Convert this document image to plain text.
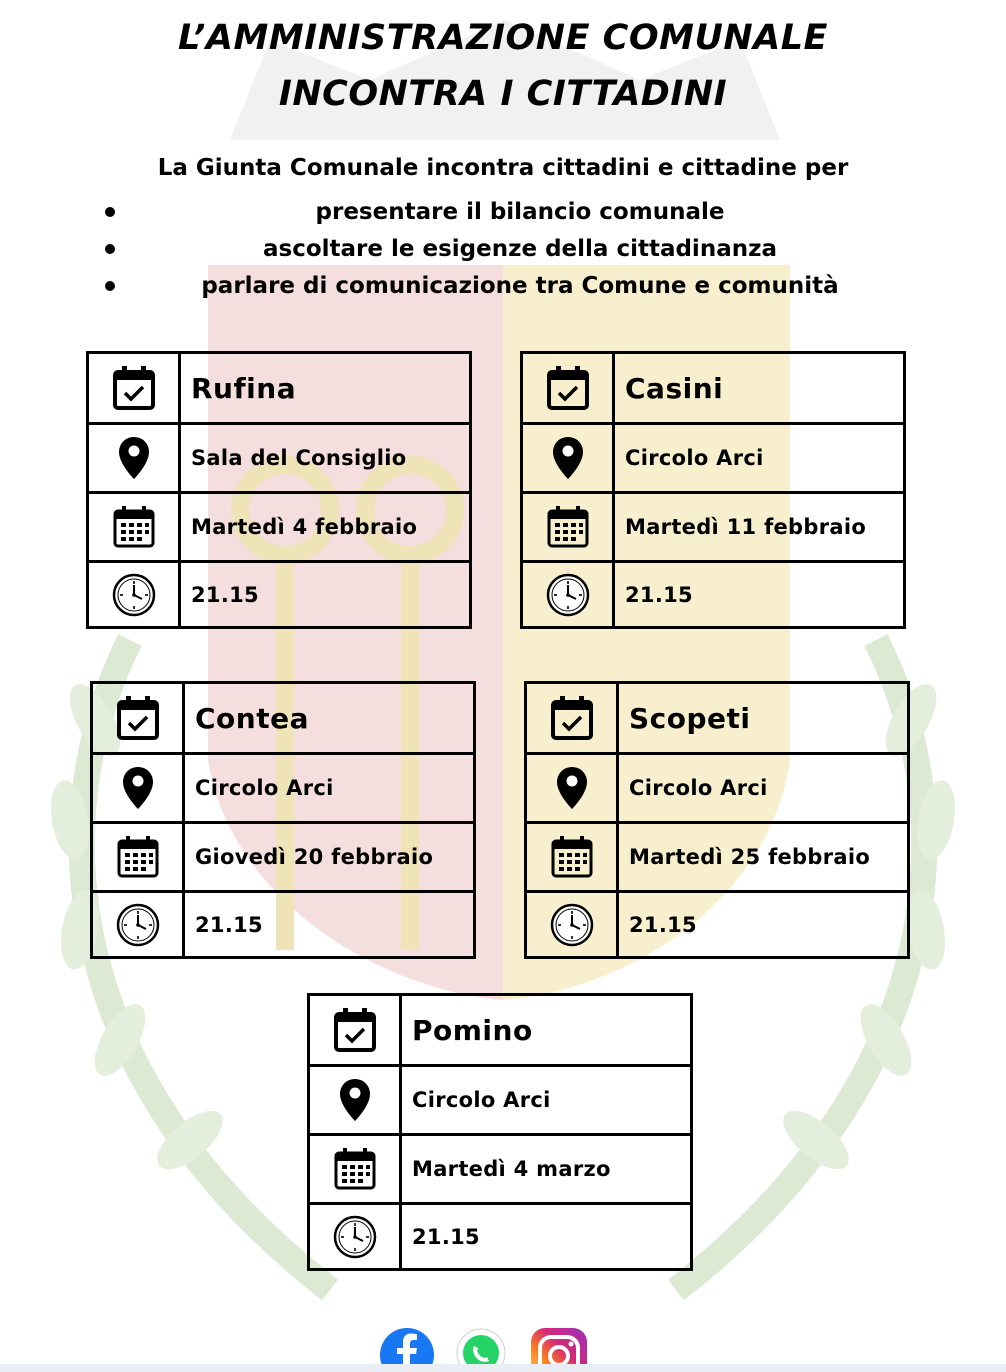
L’AMMINISTRAZIONE COMUNALE
INCONTRA I CITTADINI
La Giunta Comunale incontra cittadini e cittadine per
presentare il bilancio comunale
ascoltare le esigenze della cittadinanza
parlare di comunicazione tra Comune e comunità
Rufina
Sala del Consiglio
Martedì 4 febbraio
21.15
Casini
Circolo Arci
Martedì 11 febbraio
21.15
Contea
Circolo Arci
Giovedì 20 febbraio
21.15
Scopeti
Circolo Arci
Martedì 25 febbraio
21.15
Pomino
Circolo Arci
Martedì 4 marzo
21.15
